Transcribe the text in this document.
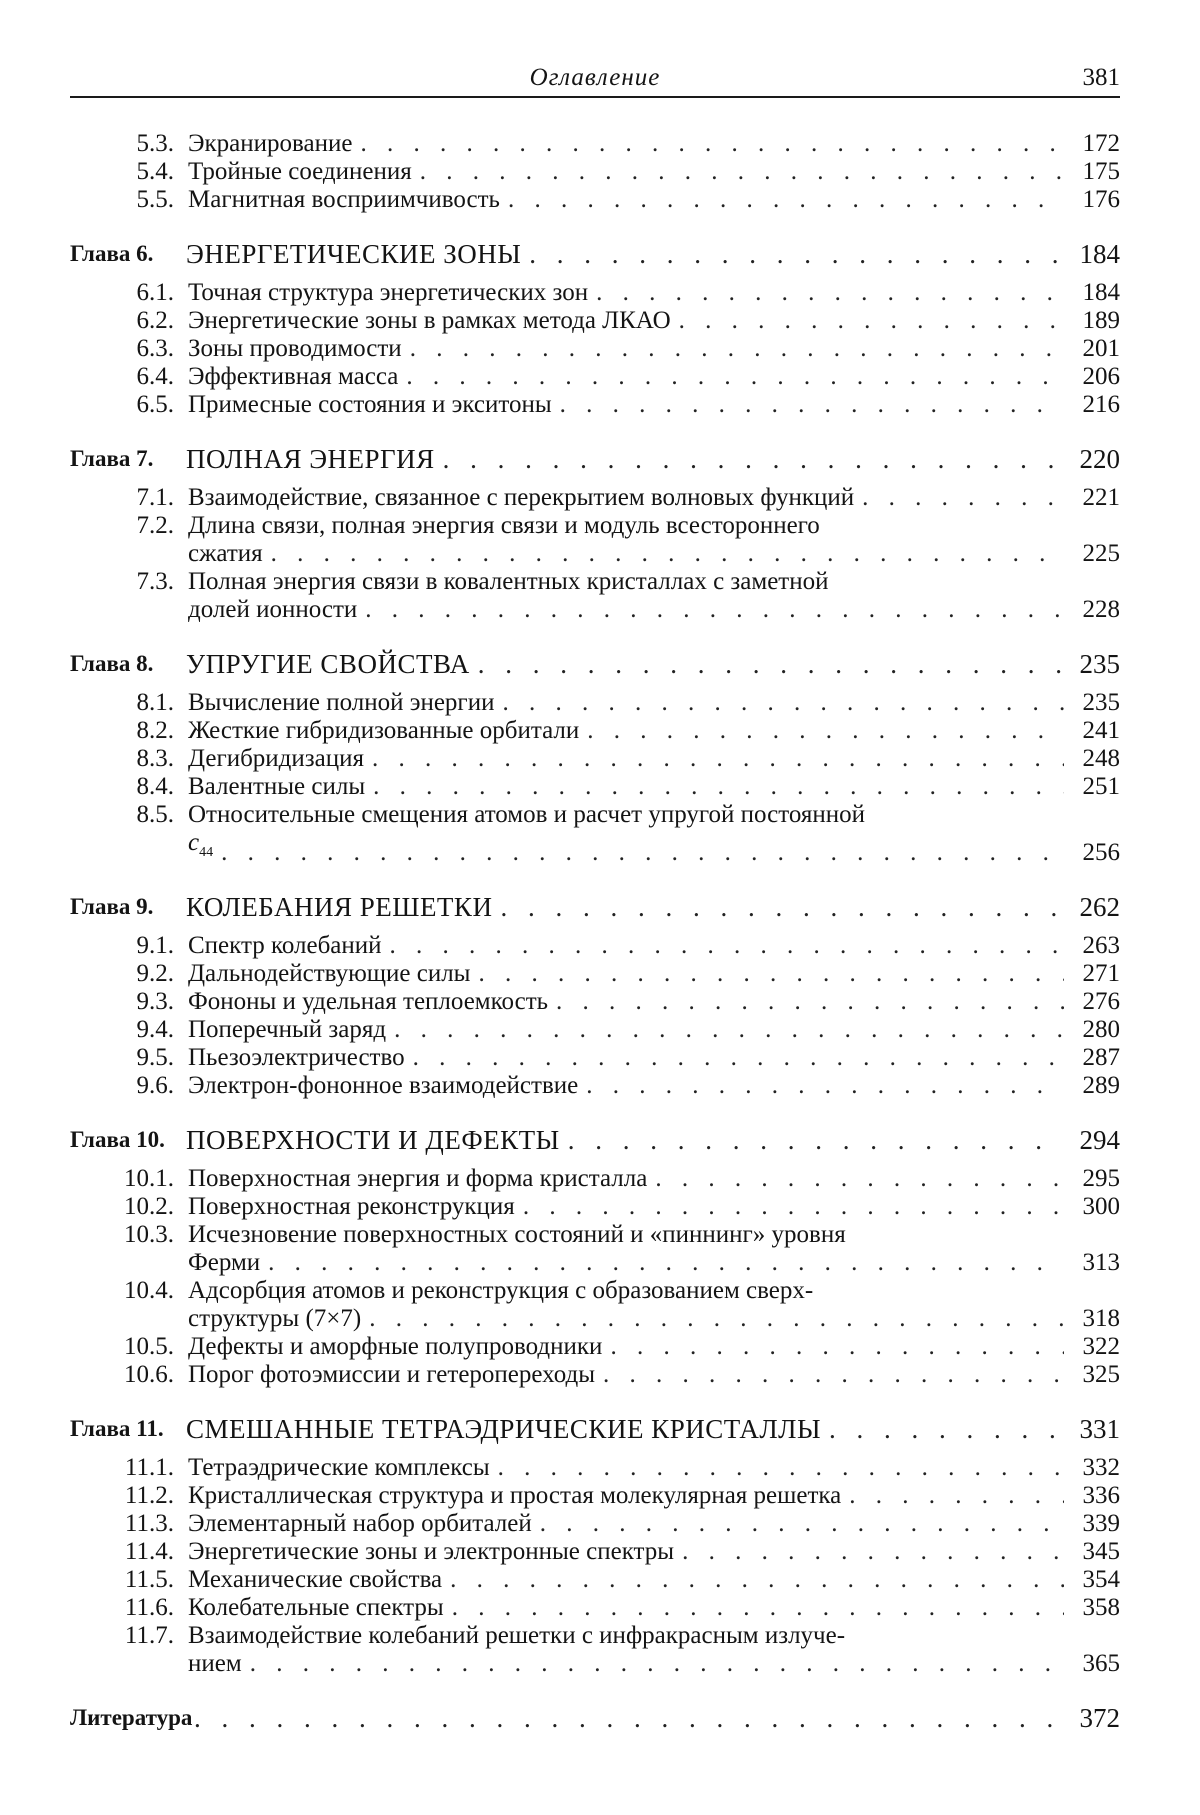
Оглавление	381
5.3. Экранирование . . .	172
5.4. Тройные соединения . . .	175
5.5. Магнитная восприимчивость . . .	176
Глава 6.	ЭНЕРГЕТИЧЕСКИЕ ЗОНЫ . . .	184
6.1. Точная структура энергетических зон . . .	184
6.2. Энергетические зоны в рамках метода ЛКАО . . .	189
6.3. Зоны проводимости . . .	201
6.4. Эффективная масса . . .	206
6.5. Примесные состояния и экситоны . . .	216
Глава 7.	ПОЛНАЯ ЭНЕРГИЯ . . .	220
7.1. Взаимодействие, связанное с перекрытием волновых функций . . .	221
7.2. Длина связи, полная энергия связи и модуль всестороннего
сжатия . . .	225
7.3. Полная энергия связи в ковалентных кристаллах с заметной
долей ионности . . .	228
Глава 8.	УПРУГИЕ СВОЙСТВА . . .	235
8.1. Вычисление полной энергии . . .	235
8.2. Жесткие гибридизованные орбитали . . .	241
8.3. Дегибридизация . . .	248
8.4. Валентные силы . . .	251
8.5. Относительные смещения атомов и расчет упругой постоянной
$c_{44}$ . . .	256
Глава 9.	КОЛЕБАНИЯ РЕШЕТКИ . . .	262
9.1. Спектр колебаний . . .	263
9.2. Дальнодействующие силы . . .	271
9.3. Фононы и удельная теплоемкость . . .	276
9.4. Поперечный заряд . . .	280
9.5. Пьезоэлектричество . . .	287
9.6. Электрон-фононное взаимодействие . . .	289
Глава 10. ПОВЕРХНОСТИ И ДЕФЕКТЫ . . .	294
10.1. Поверхностная энергия и форма кристалла . . .	295
10.2. Поверхностная реконструкция . . .	300
10.3. Исчезновение поверхностных состояний и «пиннинг» уровня
Ферми . . .	313
10.4. Адсорбция атомов и реконструкция с образованием сверх-
структуры (7×7) . . .	318
10.5. Дефекты и аморфные полупроводники . . .	322
10.6. Порог фотоэмиссии и гетеропереходы . . .	325
Глава 11. СМЕШАННЫЕ ТЕТРАЭДРИЧЕСКИЕ КРИСТАЛЛЫ . . .	331
11.1. Тетраэдрические комплексы . . .	332
11.2. Кристаллическая структура и простая молекулярная решетка . . .	336
11.3. Элементарный набор орбиталей . . .	339
11.4. Энергетические зоны и электронные спектры . . .	345
11.5. Механические свойства . . .	354
11.6. Колебательные спектры . . .	358
11.7. Взаимодействие колебаний решетки с инфракрасным излуче-
нием . . .	365
Литература . . .	372
